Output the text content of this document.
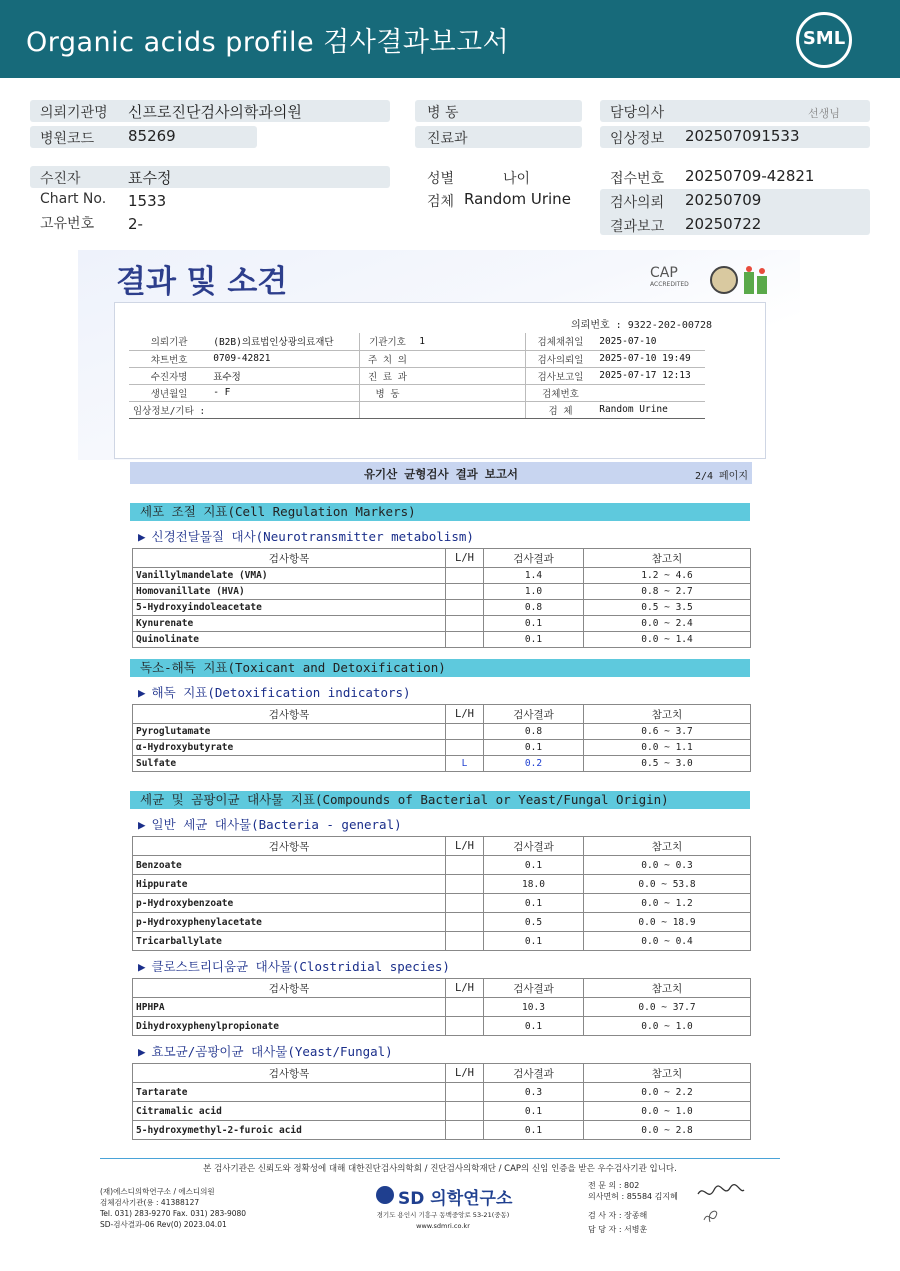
Organic acids profile 검사결과보고서	SML
의뢰기관명 신프로진단검사의학과의원	병 동	담당의사	선생님
병원코드 85269	진료과	임상정보 202507091533
수진자	표수정	성별	나이	접수번호 20250709-42821
Chart No. 1533	검체 Random Urine	검사의뢰 20250709
고유번호 2-	결과보고 20250722
결과 및 소견	CAP
ACCREDITED
의뢰번호 : 9322-202-00728
의뢰기관	(B2B)의료법인상광의료재단	기관기호	1	검체채취일	2025-07-10
챠트번호	0709-42821	주 치 의		검사의뢰일	2025-07-10 19:49
수진자명	표수정	진 료 과		검사보고일	2025-07-17 12:13
생년월일	- F	병 동		검체번호	
임상정보/기타 :				검 체	Random Urine
유기산 균형검사 결과 보고서	2/4 페이지
세포 조절 지표(Cell Regulation Markers)
▶ 신경전달물질 대사(Neurotransmitter metabolism)
검사항목	L/H	검사결과	참고치
Vanillylmandelate (VMA)		1.4	1.2 ~ 4.6
Homovanillate (HVA)		1.0	0.8 ~ 2.7
5-Hydroxyindoleacetate		0.8	0.5 ~ 3.5
Kynurenate		0.1	0.0 ~ 2.4
Quinolinate		0.1	0.0 ~ 1.4
독소-해독 지표(Toxicant and Detoxification)
▶ 해독 지표(Detoxification indicators)
검사항목	L/H	검사결과	참고치
Pyroglutamate		0.8	0.6 ~ 3.7
α-Hydroxybutyrate		0.1	0.0 ~ 1.1
Sulfate	L	0.2	0.5 ~ 3.0
세균 및 곰팡이균 대사물 지표(Compounds of Bacterial or Yeast/Fungal Origin)
▶ 일반 세균 대사물(Bacteria - general)
검사항목	L/H	검사결과	참고치
Benzoate		0.1	0.0 ~ 0.3
Hippurate		18.0	0.0 ~ 53.8
p-Hydroxybenzoate		0.1	0.0 ~ 1.2
p-Hydroxyphenylacetate		0.5	0.0 ~ 18.9
Tricarballylate		0.1	0.0 ~ 0.4
▶ 클로스트리디움균 대사물(Clostridial species)
검사항목	L/H	검사결과	참고치
HPHPA		10.3	0.0 ~ 37.7
Dihydroxyphenylpropionate		0.1	0.0 ~ 1.0
▶ 효모균/곰팡이균 대사물(Yeast/Fungal)
검사항목	L/H	검사결과	참고치
Tartarate		0.3	0.0 ~ 2.2
Citramalic acid		0.1	0.0 ~ 1.0
5-hydroxymethyl-2-furoic acid		0.1	0.0 ~ 2.8
본 검사기관은 신뢰도와 정확성에 대해 대한진단검사의학회 / 진단검사의학재단 / CAP의 신임 인증을 받은 우수검사기관 입니다.
(재)에스디의학연구소 / 에스디의원
검체검사기관(용 : 41388127
Tel. 031) 283-9270 Fax. 031) 283-9080
SD-검사결과-06 Rev(0) 2023.04.01
SD 의학연구소
경기도 용인시 기흥구 동백중앙로 53-21(중동)
www.sdmri.co.kr
전 문 의 : 802
의사면허 : 85584 김지혜
검 사 자 : 장종해
담 당 자 : 서병훈
